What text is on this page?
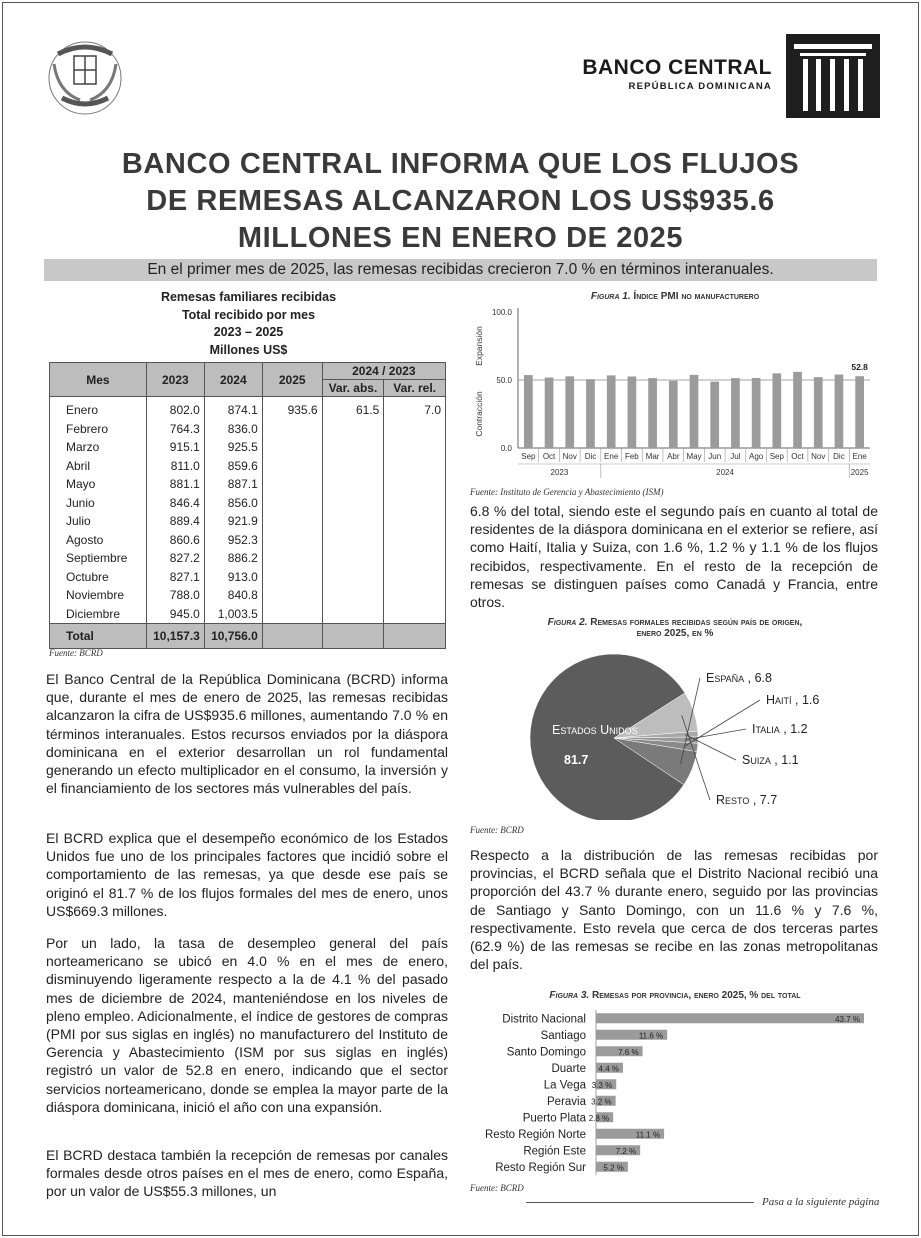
BANCO CENTRAL
REPÚBLICA DOMINICANA
BANCO CENTRAL INFORMA QUE LOS FLUJOS
DE REMESAS ALCANZARON LOS US$935.6
MILLONES EN ENERO DE 2025
En el primer mes de 2025, las remesas recibidas crecieron 7.0 % en términos interanuales.
Remesas familiares recibidas
Total recibido por mes
2023 – 2025
Millones US$
Mes	2023	2024	2025	2024 / 2023	
				Var. abs.	Var. rel.
Enero	802.0	874.1	935.6	61.5	7.0
Febrero	764.3	836.0			
Marzo	915.1	925.5			
Abril	811.0	859.6			
Mayo	881.1	887.1			
Junio	846.4	856.0			
Julio	889.4	921.9			
Agosto	860.6	952.3			
Septiembre	827.2	886.2			
Octubre	827.1	913.0			
Noviembre	788.0	840.8			
Diciembre	945.0	1,003.5			
Total	10,157.3	10,756.0			
Fuente: BCRD
El Banco Central de la República Dominicana (BCRD) informa que, durante el mes de enero de 2025, las remesas recibidas alcanzaron la cifra de US$935.6 millones, aumentando 7.0 % en términos interanuales. Estos recursos enviados por la diáspora dominicana en el exterior desarrollan un rol fundamental generando un efecto multiplicador en el consumo, la inversión y el financiamiento de los sectores más vulnerables del país.
El BCRD explica que el desempeño económico de los Estados Unidos fue uno de los principales factores que incidió sobre el comportamiento de las remesas, ya que desde ese país se originó el 81.7 % de los flujos formales del mes de enero, unos US$669.3 millones.
Por un lado, la tasa de desempleo general del país norteamericano se ubicó en 4.0 % en el mes de enero, disminuyendo ligeramente respecto a la de 4.1 % del pasado mes de diciembre de 2024, manteniéndose en los niveles de pleno empleo. Adicionalmente, el índice de gestores de compras (PMI por sus siglas en inglés) no manufacturero del Instituto de Gerencia y Abastecimiento (ISM por sus siglas en inglés) registró un valor de 52.8 en enero, indicando que el sector servicios norteamericano, donde se emplea la mayor parte de la diáspora dominicana, inició el año con una expansión.
El BCRD destaca también la recepción de remesas por canales formales desde otros países en el mes de enero, como España, por un valor de US$55.3 millones, un
Figura 1. Índice PMI no manufacturero
0.0
50.0
100.0
Expansión
Contracción
Sep Oct Nov Dic Ene Feb Mar Abr May Jun Jul Ago Sep Oct Nov Dic Ene
2023	2024	2025
52.8
Fuente: Instituto de Gerencia y Abastecimiento (ISM)
6.8 % del total, siendo este el segundo país en cuanto al total de residentes de la diáspora dominicana en el exterior se refiere, así como Haití, Italia y Suiza, con 1.6 %, 1.2 % y 1.1 % de los flujos recibidos, respectivamente. En el resto de la recepción de remesas se distinguen países como Canadá y Francia, entre otros.
Figura 2. Remesas formales recibidas según país de origen,
enero 2025, en %
Estados Unidos
81.7
España , 6.8
Haití , 1.6
Italia , 1.2
Suiza , 1.1
Resto , 7.7
Fuente: BCRD
Respecto a la distribución de las remesas recibidas por provincias, el BCRD señala que el Distrito Nacional recibió una proporción del 43.7 % durante enero, seguido por las provincias de Santiago y Santo Domingo, con un 11.6 % y 7.6 %, respectivamente. Esto revela que cerca de dos terceras partes (62.9 %) de las remesas se recibe en las zonas metropolitanas del país.
Figura 3. Remesas por provincia, enero 2025, % del total
Distrito Nacional	43.7 %
Santiago	11.6 %
Santo Domingo	7.6 %
Duarte 4.4 %
La Vega 3.3 %
Peravia 3.2 %
Puerto Plata 2.8 %
Resto Región Norte	11.1 %
Región Este	7.2 %
Resto Región Sur 5.2 %
Fuente: BCRD
Pasa a la siguiente página
